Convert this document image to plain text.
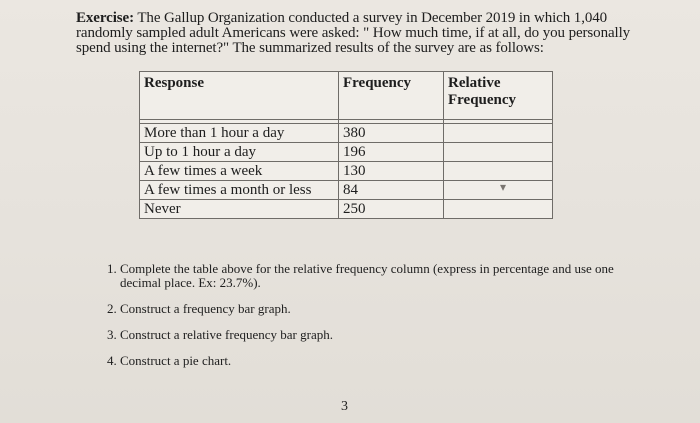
Exercise: The Gallup Organization conducted a survey in December 2019 in which 1,040 randomly sampled adult Americans were asked: " How much time, if at all, do you personally spend using the internet?" The summarized results of the survey are as follows:
Response	Frequency	Relative Frequency

More than 1 hour a day	380	
Up to 1 hour a day	196	
A few times a week	130	
A few times a month or less	84	
Never	250	
▾
1. Complete the table above for the relative frequency column (express in percentage and use one decimal place. Ex: 23.7%).
2. Construct a frequency bar graph.
3. Construct a relative frequency bar graph.
4. Construct a pie chart.
3
